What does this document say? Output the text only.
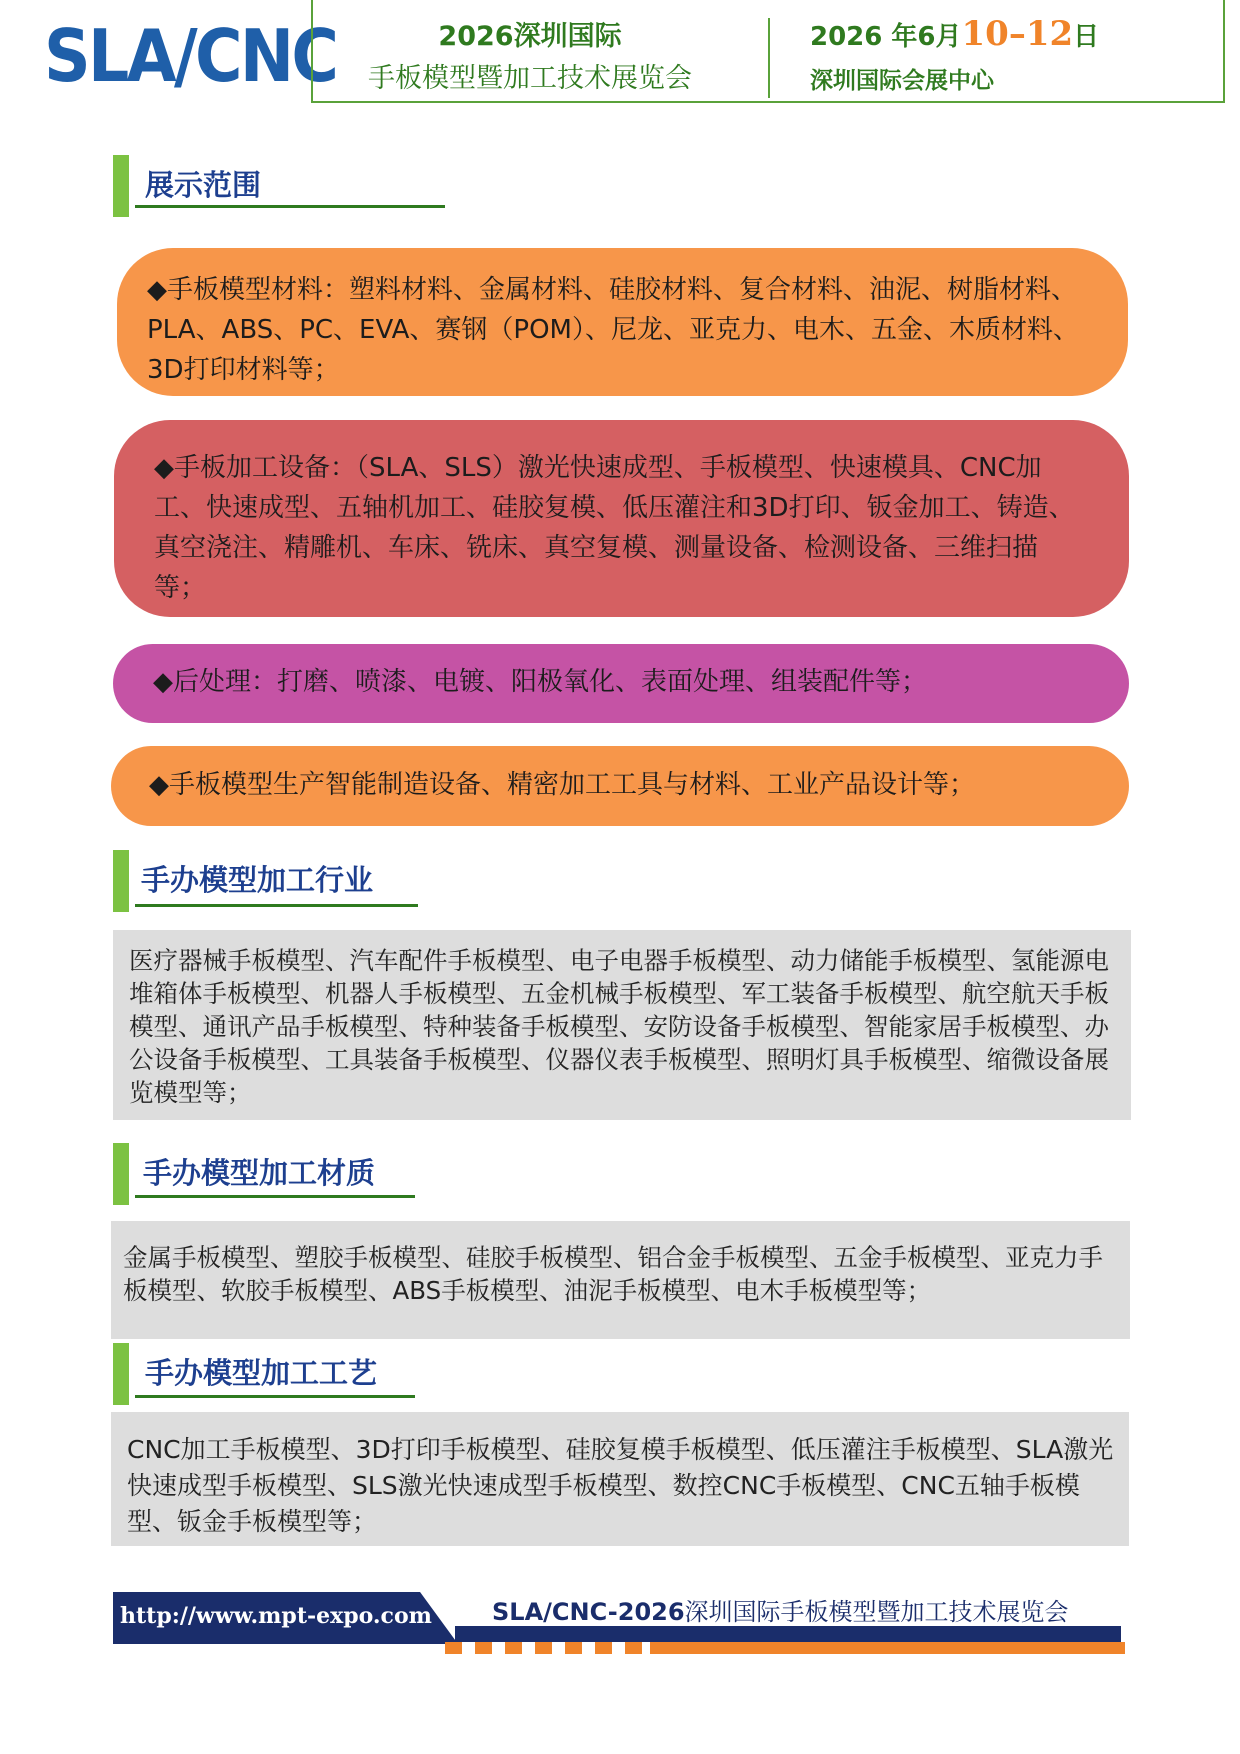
SLA/CNC	2026深圳国际
手板模型暨加工技术展览会
2026 年6月10–12日
深圳国际会展中心
展示范围
◆手板模型材料：塑料材料、金属材料、硅胶材料、复合材料、油泥、树脂材料、PLA、ABS、PC、EVA、赛钢（POM）、尼龙、亚克力、电木、五金、木质材料、3D打印材料等；
◆手板加工设备：（SLA、SLS）激光快速成型、手板模型、快速模具、CNC加工、快速成型、五轴机加工、硅胶复模、低压灌注和3D打印、钣金加工、铸造、真空浇注、精雕机、车床、铣床、真空复模、测量设备、检测设备、三维扫描等；
◆后处理：打磨、喷漆、电镀、阳极氧化、表面处理、组装配件等；
◆手板模型生产智能制造设备、精密加工工具与材料、工业产品设计等；
手办模型加工行业
医疗器械手板模型、汽车配件手板模型、电子电器手板模型、动力储能手板模型、氢能源电堆箱体手板模型、机器人手板模型、五金机械手板模型、军工装备手板模型、航空航天手板模型、通讯产品手板模型、特种装备手板模型、安防设备手板模型、智能家居手板模型、办公设备手板模型、工具装备手板模型、仪器仪表手板模型、照明灯具手板模型、缩微设备展览模型等；
手办模型加工材质
金属手板模型、塑胶手板模型、硅胶手板模型、铝合金手板模型、五金手板模型、亚克力手板模型、软胶手板模型、ABS手板模型、油泥手板模型、电木手板模型等；
手办模型加工工艺
CNC加工手板模型、3D打印手板模型、硅胶复模手板模型、低压灌注手板模型、SLA激光快速成型手板模型、SLS激光快速成型手板模型、数控CNC手板模型、CNC五轴手板模型、钣金手板模型等；
http://www.mpt-expo.com	SLA/CNC-2026深圳国际手板模型暨加工技术展览会
